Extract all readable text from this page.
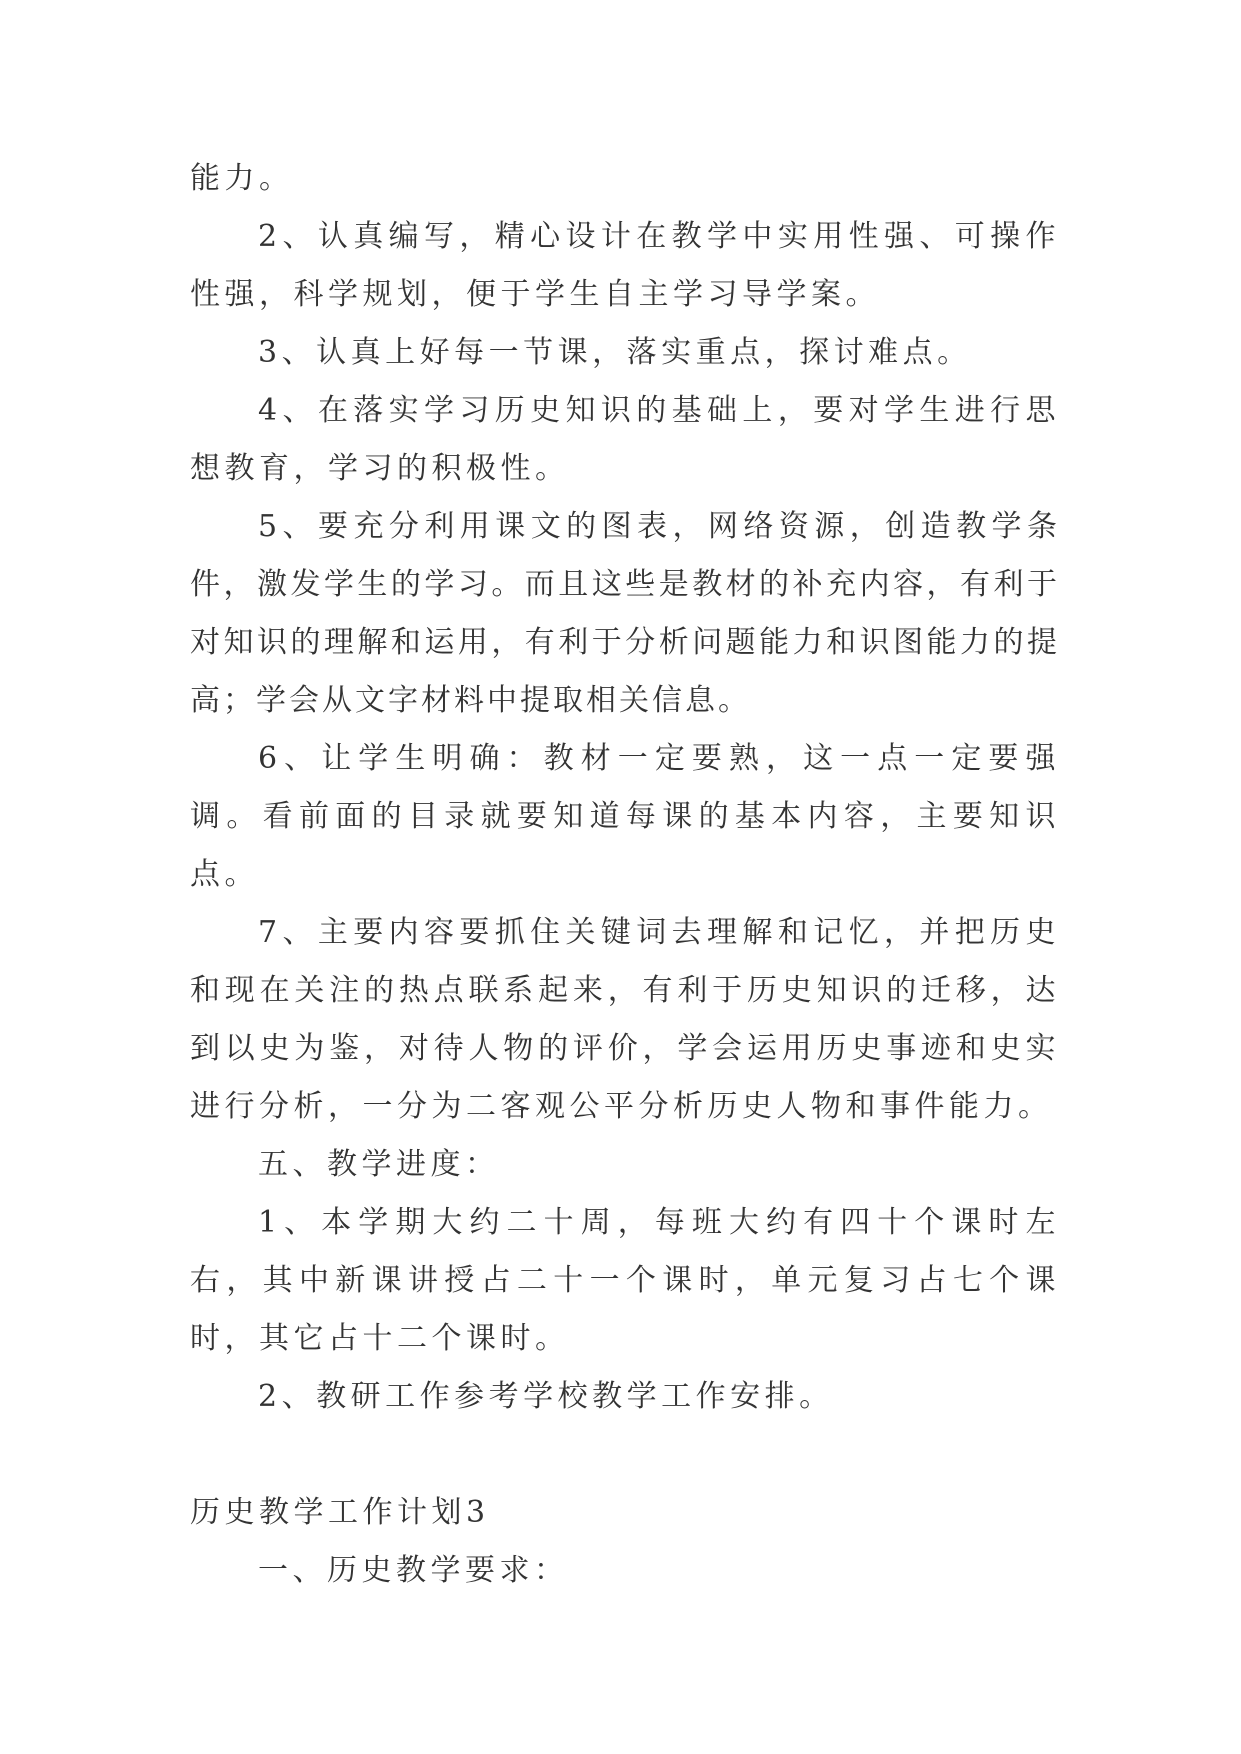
能力。

2、认真编写，精心设计在教学中实用性强、可操作性强，科学规划，便于学生自主学习导学案。

3、认真上好每一节课，落实重点，探讨难点。

4、在落实学习历史知识的基础上，要对学生进行思想教育，学习的积极性。

5、要充分利用课文的图表，网络资源，创造教学条件，激发学生的学习。而且这些是教材的补充内容，有利于对知识的理解和运用，有利于分析问题能力和识图能力的提高；学会从文字材料中提取相关信息。

6、让学生明确：教材一定要熟，这一点一定要强调。看前面的目录就要知道每课的基本内容，主要知识点。

7、主要内容要抓住关键词去理解和记忆，并把历史和现在关注的热点联系起来，有利于历史知识的迁移，达到以史为鉴，对待人物的评价，学会运用历史事迹和史实进行分析，一分为二客观公平分析历史人物和事件能力。

五、教学进度：

1、本学期大约二十周，每班大约有四十个课时左右，其中新课讲授占二十一个课时，单元复习占七个课时，其它占十二个课时。

2、教研工作参考学校教学工作安排。

历史教学工作计划3

一、历史教学要求：
